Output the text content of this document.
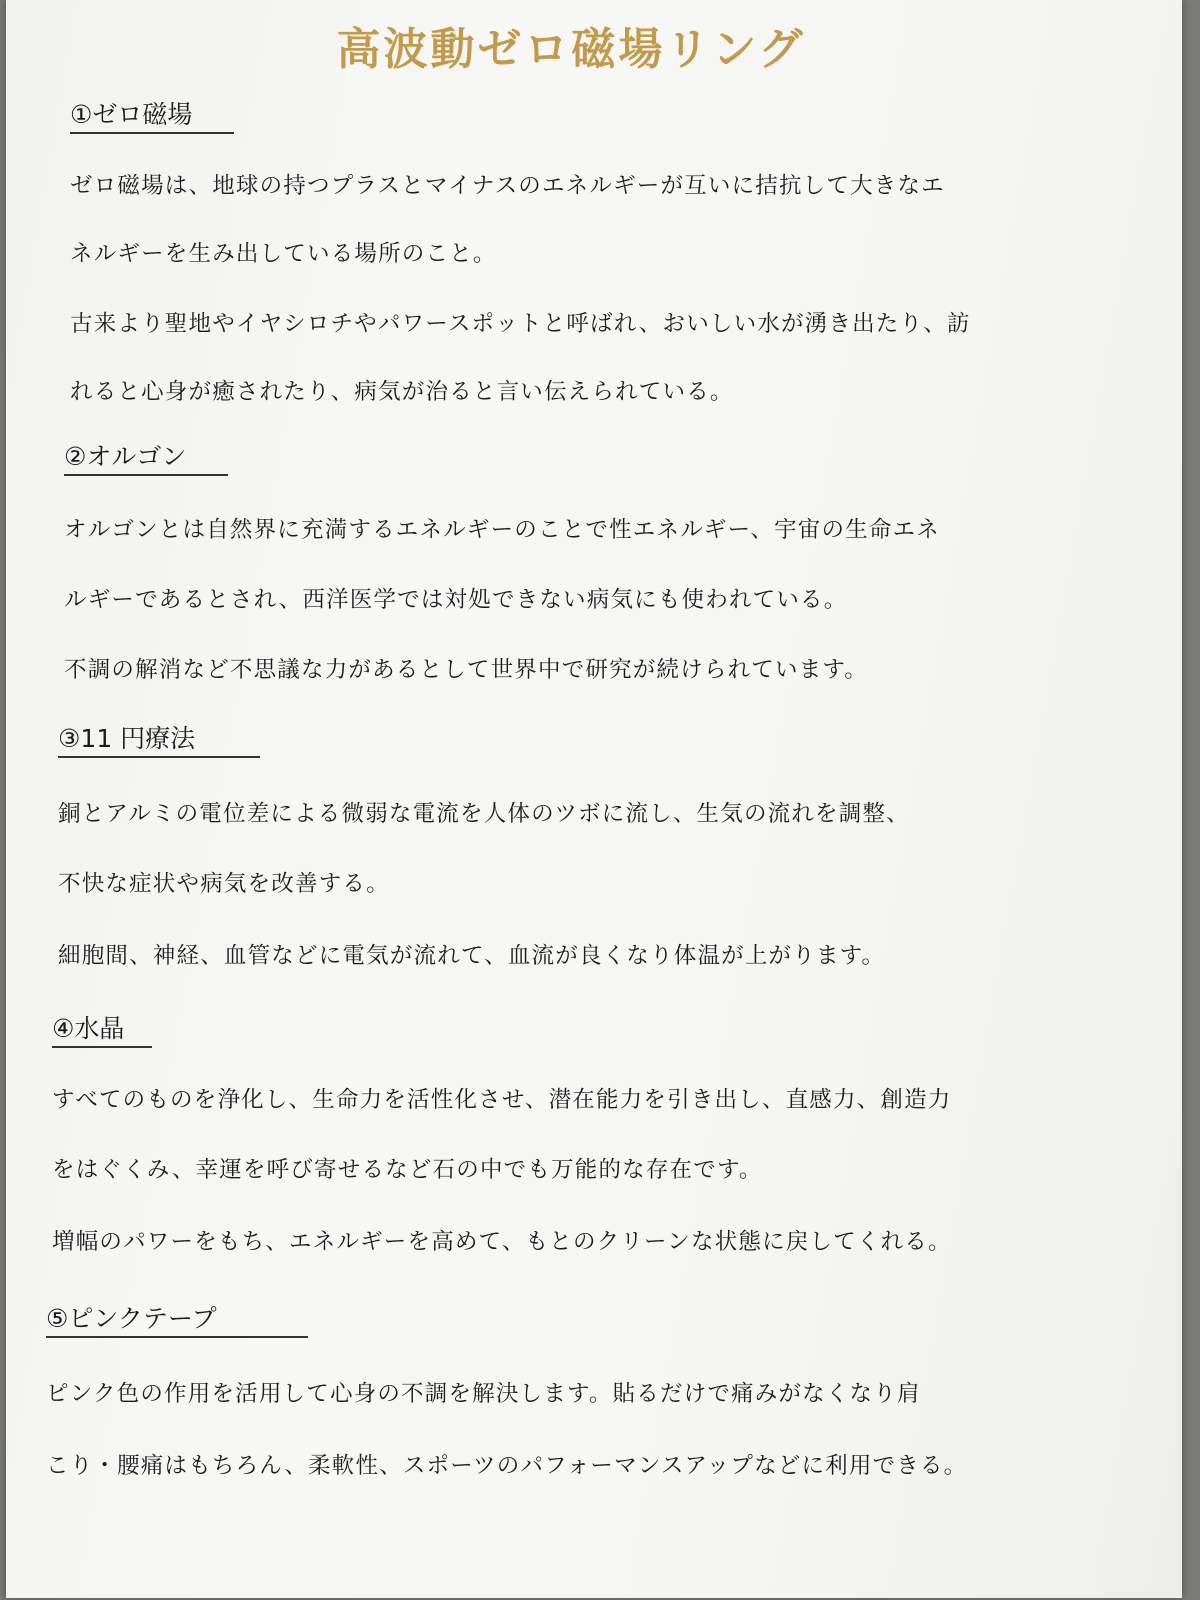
高波動ゼロ磁場リング
①ゼロ磁場

ゼロ磁場は、地球の持つプラスとマイナスのエネルギーが互いに拮抗して大きなエ

ネルギーを生み出している場所のこと。

古来より聖地やイヤシロチやパワースポットと呼ばれ、おいしい水が湧き出たり、訪

れると心身が癒されたり、病気が治ると言い伝えられている。

②オルゴン

オルゴンとは自然界に充満するエネルギーのことで性エネルギー、宇宙の生命エネ

ルギーであるとされ、西洋医学では対処できない病気にも使われている。

不調の解消など不思議な力があるとして世界中で研究が続けられています。

③11 円療法

銅とアルミの電位差による微弱な電流を人体のツボに流し、生気の流れを調整、

不快な症状や病気を改善する。

細胞間、神経、血管などに電気が流れて、血流が良くなり体温が上がります。

④水晶

すべてのものを浄化し、生命力を活性化させ、潜在能力を引き出し、直感力、創造力

をはぐくみ、幸運を呼び寄せるなど石の中でも万能的な存在です。

増幅のパワーをもち、エネルギーを高めて、もとのクリーンな状態に戻してくれる。

⑤ピンクテープ

ピンク色の作用を活用して心身の不調を解決します。貼るだけで痛みがなくなり肩

こり・腰痛はもちろん、柔軟性、スポーツのパフォーマンスアップなどに利用できる。
